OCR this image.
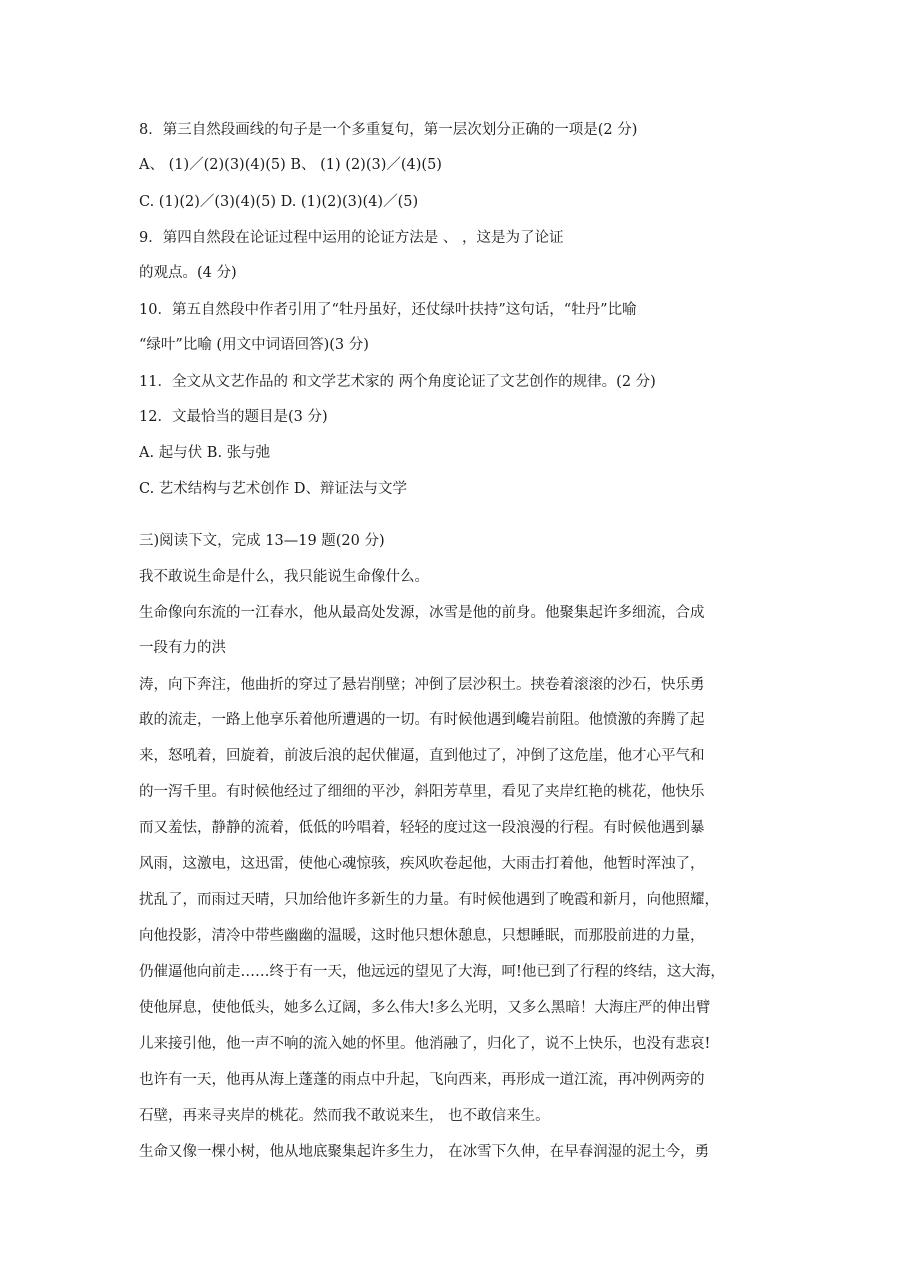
8．第三自然段画线的句子是一个多重复句，第一层次划分正确的一项是(2 分)
A、 (1)／(2)(3)(4)(5) B、 (1) (2)(3)／(4)(5)
C. (1)(2)／(3)(4)(5) D. (1)(2)(3)(4)／(5)
9．第四自然段在论证过程中运用的论证方法是 、 ，这是为了论证
的观点。(4 分)
10．第五自然段中作者引用了“牡丹虽好，还仗绿叶扶持”这句话，“牡丹”比喻
“绿叶”比喻 (用文中词语回答)(3 分)
11．全文从文艺作品的 和文学艺术家的 两个角度论证了文艺创作的规律。(2 分)
12．文最恰当的题目是(3 分)
A. 起与伏 B. 张与弛
C. 艺术结构与艺术创作 D、辩证法与文学
三)阅读下文，完成 13—19 题(20 分)
我不敢说生命是什么，我只能说生命像什么。
生命像向东流的一江春水，他从最高处发源，冰雪是他的前身。他聚集起许多细流，合成
一段有力的洪
涛，向下奔注，他曲折的穿过了悬岩削壁；冲倒了层沙积土。挟卷着滚滚的沙石，快乐勇
敢的流走，一路上他享乐着他所遭遇的一切。有时候他遇到巉岩前阻。他愤激的奔腾了起
来，怒吼着，回旋着，前波后浪的起伏催逼，直到他过了，冲倒了这危崖，他才心平气和
的一泻千里。有时候他经过了细细的平沙，斜阳芳草里，看见了夹岸红艳的桃花，他快乐
而又羞怯，静静的流着，低低的吟唱着，轻轻的度过这一段浪漫的行程。有时候他遇到暴
风雨，这激电，这迅雷，使他心魂惊骇，疾风吹卷起他，大雨击打着他，他暂时浑浊了，
扰乱了，而雨过天晴，只加给他许多新生的力量。有时候他遇到了晚霞和新月，向他照耀，
向他投影，清冷中带些幽幽的温暖，这时他只想休憩息，只想睡眠，而那股前进的力量，
仍催逼他向前走……终于有一天，他远远的望见了大海，呵!他已到了行程的终结，这大海，
使他屏息，使他低头，她多么辽阔，多么伟大!多么光明，又多么黑暗！大海庄严的伸出臂
儿来接引他，他一声不响的流入她的怀里。他消融了，归化了，说不上快乐，也没有悲哀!
也许有一天，他再从海上蓬蓬的雨点中升起，飞向西来，再形成一道江流，再冲例两旁的
石壁，再来寻夹岸的桃花。然而我不敢说来生， 也不敢信来生。
生命又像一棵小树，他从地底聚集起许多生力， 在冰雪下久伸，在早春润湿的泥土今，勇
